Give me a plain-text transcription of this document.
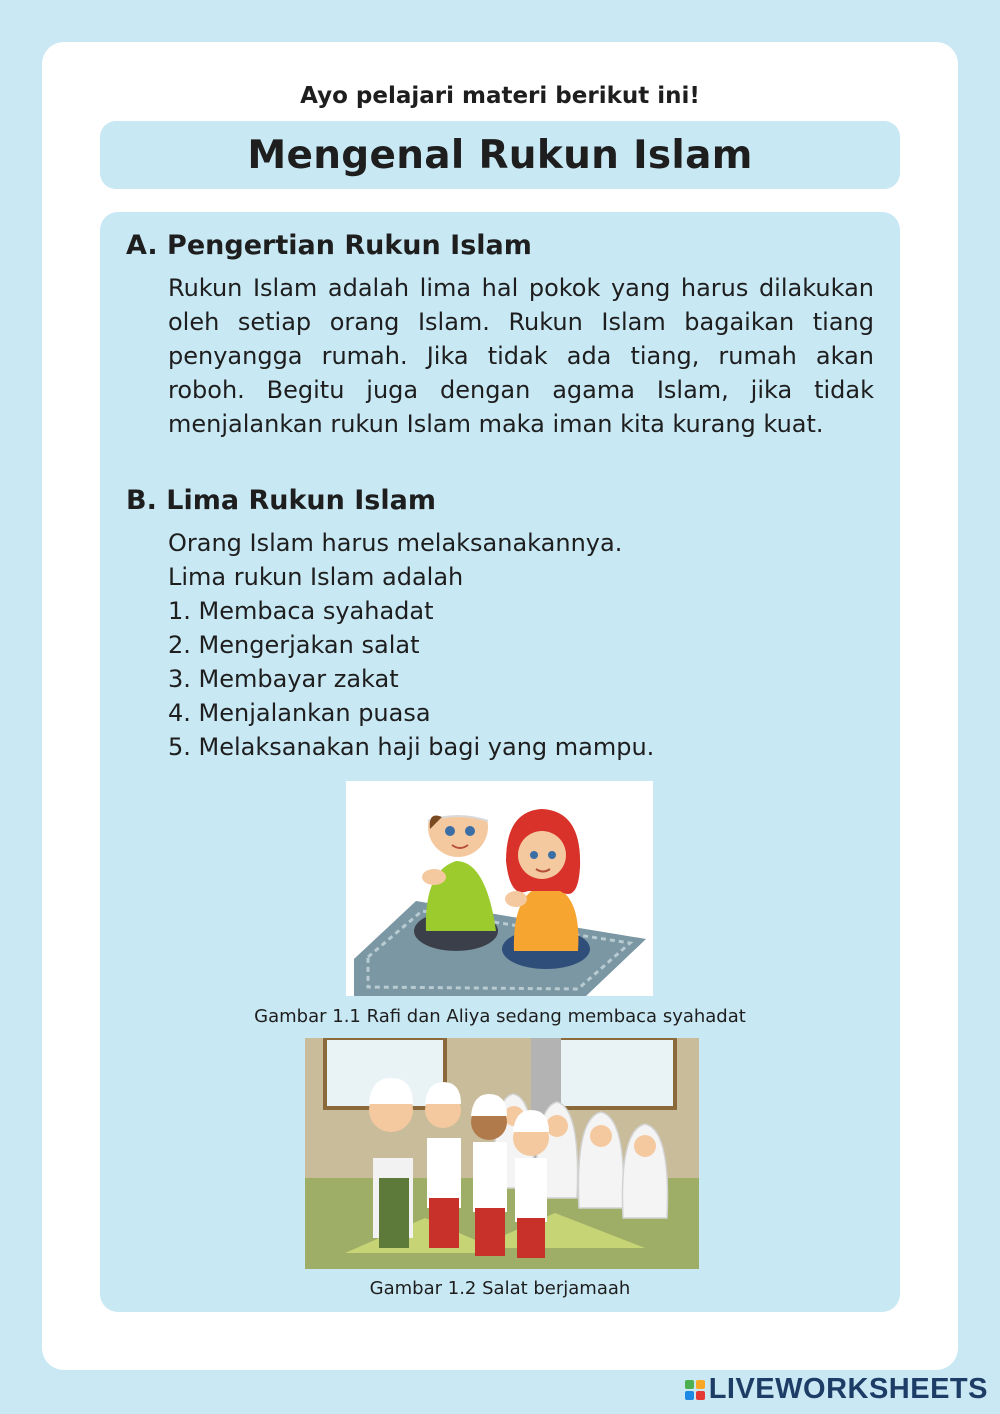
Ayo pelajari materi berikut ini!
Mengenal Rukun Islam
A. Pengertian Rukun Islam
Rukun Islam adalah lima hal pokok yang harus dilakukan oleh setiap orang Islam. Rukun Islam bagaikan tiang penyangga rumah. Jika tidak ada tiang, rumah akan roboh. Begitu juga dengan agama Islam, jika tidak menjalankan rukun Islam maka iman kita kurang kuat.
B. Lima Rukun Islam
Orang Islam harus melaksanakannya.
Lima rukun Islam adalah
1. Membaca syahadat
2. Mengerjakan salat
3. Membayar zakat
4. Menjalankan puasa
5. Melaksanakan haji bagi yang mampu.
Gambar 1.1 Rafi dan Aliya sedang membaca syahadat
Gambar 1.2 Salat berjamaah
LIVEWORKSHEETS
